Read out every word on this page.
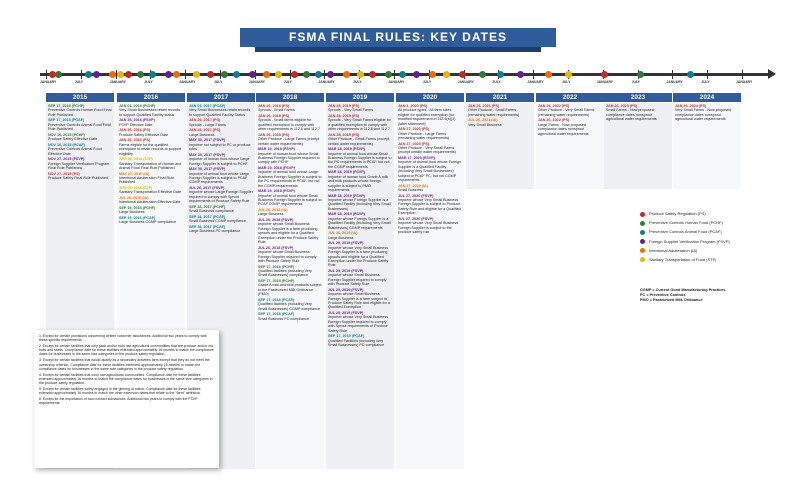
FSMA FINAL RULES: KEY DATES
JANUARY	JULY	JANUARY	JULY	JANUARY	JULY	JANUARY	JULY	JANUARY	JULY	JANUARY	JULY	JANUARY	JULY	JANUARY	JULY	JANUARY	JULY	JANUARY	JULY	JANUARY
2015
SEP 17, 2015 (PCHF)
Preventive Controls Human Food Final Rule Published
SEP 17, 2015 (PCAF)
Preventive Controls Animal Food Final Rule Published
NOV 16, 2015 (PCHF)
Produce Safety Effective Date
NOV 16, 2015 (PCAF)
Preventive Controls Animal Food Effective Date
NOV 27, 2015 (FSVP)
Foreign Supplier Verification Program Final Rule Published
NOV 27, 2015 (PS)
Produce Safety Final Rule Published
2016
JAN 01, 2016 (PCHF)
Very Small Businesses retain records to support Qualified Facility status
JAN 26, 2016 (FSVP)
FSVP Effective Date
JAN 26, 2016 (PS)
Produce Safety Effective Date
JAN 26, 2016 (PS)
Farms eligible for the qualified exemption to retain records to support eligibility
APR 06, 2016 (STF)
Sanitary Transportation of Human and Animal Food Final Rule Published
MAY 27, 2016 (IA)
Intentional Adulteration Final Rule Published
JUN 06, 2016 (STF)
Sanitary Transportation Effective Date
JUL 26, 2016 (IA)
Intentional Adulteration Effective Date
SEP 19, 2016 (PCHF)
Large Business
SEP 19, 2016 (PCAF)
Large Business CGMP compliance
2017
JAN 01, 2017 (PCAF)
Very Small Businesses retain records to support Qualified Facility Status
JAN 26, 2017 (PS)
Sprouts - Large Farms
JAN 26, 2017 (PS)
Large Business
MAY 30, 2017 (FSVP)
Importer not subject to PC or produce rules
MAY 30, 2017 (FSVP)
Importer of human food whose Large Foreign Supplier is subject to PCHF
MAY 30, 2017 (FSVP)
Importer of animal food whose Large Foreign Supplier is subject to PCAF CGMP requirements
JUL 26, 2017 (FSVP)
Importer whose Large Foreign Supplier required to comply with Sprout requirements of Produce Safety Rule
SEP 18, 2017 (PCHF)
Small Business compliance
SEP 18, 2017 (PCAF)
Small Business CGMP compliance
SEP 18, 2017 (PCAF)
Large Business PC compliance
2018
JAN 26, 2018 (PS)
Sprouts - Small Farms
JAN 26, 2018 (PS)
Sprouts - Small farms eligible for qualified exemption to comply with other requirements in 112.6 and 112.7
JAN 26, 2018 (PS)
Other Produce - Large Farms (except certain water requirements)
MAR 19, 2018 (FSVP)
Importer of human food whose Small Business Foreign Supplier required to comply with PCHF
MAR 19, 2018 (FSVP)
Importer of animal food whose Large Business Foreign Supplier is subject to the PC requirements in PCAF, but not the CGMP requirements
MAR 19, 2018 (FSVP)
Importer of animal food whose Small Business Foreign Supplier is subject to PCAF CGMP requirements
JUL 26, 2018 (IA)
Large Business
JUL 26, 2018 (FSVP)
Importer whose Small Business Foreign Supplier is a farm producing sprouts and eligible for a Qualified Exemption under the Produce Safety Rule
JUL 26, 2018 (FSVP)
Importer whose Small Business Foreign Supplier required to comply with Produce Safety Rule
SEP 17, 2018 (PCHF)
Qualified facilities (including Very Small Businesses) compliance
SEP 17, 2018 (PCHF)
Grade A milk and milk products subject to the Pasteurized Milk Ordinance (PMO)
SEP 17, 2018 (PCAF)
Qualified facilities (including Very Small Businesses) CGMP compliance
SEP 17, 2018 (PCAF)
Small Business PC compliance
2019
JAN 28, 2019 (PS)
Sprouts - Very Small Farms
JAN 28, 2019 (PS)
Sprouts - Very Small Farms eligible for a qualified exemption to comply with other requirements in 112.6 and 112.7
JAN 28, 2019 (PS)
Other Produce - Small Farms (except certain water requirements)
MAR 18, 2019 (FSVP)
Importer of animal food whose Small Business Foreign Supplier is subject to the PC requirements in PCAF, but not the CGMP requirements
MAR 18, 2019 (FSVP)
Importer of human food Grade A milk and milk products whose foreign supplier is subject to PMO requirements
MAR 18, 2019 (FSVP)
Importer whose Foreign Supplier is a Qualified Facility (including Very Small Businesses)
MAR 18, 2019 (FSVP)
Importer whose Foreign Supplier is a Qualified Facility (including Very Small Businesses) CGMP requirements
JUL 26, 2019 (IA)
Large Business
JUL 29, 2019 (FSVP)
Importer whose Very Small Business Foreign Supplier is a farm producing sprouts and eligible for a Qualified Exemption under the Produce Safety Rule
JUL 29, 2019 (FSVP)
Importer whose Small Business Foreign Supplier required to comply with Produce Safety Rule
JUL 29, 2019 (FSVP)
Importer whose Small Business Foreign Supplier is a farm subject to Produce Safety Rule and eligible for a Qualified Exemption
JUL 29, 2019 (FSVP)
Importer whose Very Small Business Foreign Supplier required to comply with Sprout requirements of Produce Safety Rule
SEP 17, 2019 (PCAF)
Qualified Facilities (including Very Small Businesses) PC compliance
2020
JAN 1, 2020 (PS)
All produce types - All farm sizes eligible for qualified exemption (for modified requirement in 112.6(b)(1) (label statement)
JAN 27, 2020 (PS)
Other Produce - Large Farms (remaining water requirements)
JAN 27, 2020 (PS)
Other Produce - Very Small Farms (except certain water requirements)
MAR 17, 2020 (FSVP)
Importer of animal food whose Foreign Supplier is a Qualified Facility (including Very Small Businesses) subject to PCAF PC, but not CGMP requirements
JAN 27, 2020 (IA)
Small Business
JUL 27, 2020 (FSVP)
Importer whose Very Small Business Foreign Supplier is subject to Produce Safety Rule and eligible for a Qualified Exemption
JUL 27, 2020 (FSVP)
Importer whose Very Small Business Foreign Supplier is subject to the produce safety rule
2021
JAN 26, 2021 (PS)
Other Produce - Small Farms (remaining water requirements)
JUL 26, 2021 (IA)
Very Small Business
2022
JAN 26, 2022 (PS)
Other Produce - Very Small Farms (remaining water requirements)
JAN 26, 2022 (PS)
Large Farms - Now proposed compliance dates nonsprout agricultural water requirements
2023
JAN 26, 2023 (PS)
Small Farms - Now proposed compliance dates nonsprout agricultural water requirements
2024
JAN 26, 2024 (PS)
Very Small Farms - Now proposed compliance dates nonsprout agricultural water requirements
1. Except for certain provisions concerning written customer assurances. Additional two years to comply with these specific requirements.
2. Except for certain facilities that only pack and/or hold raw agricultural commodities that are produce and/or nut hulls and shells. Compliance date for these facilities extended approximately 16 months to match the compliance dates for businesses in the same size categories in the produce safety regulation.
3. Except for certain facilities that would qualify as a secondary activities farm except that they do not meet the ownership criterion. Compliance date for these facilities extended approximately 16 months to match the compliance dates for businesses in the same size categories in the produce safety regulation.
4. Except for certain facilities that color raw agricultural commodities. Compliance date for these facilities extended approximately 16 months to match the compliance dates for businesses in the same size categories in the produce safety regulation.
5. Except for certain facilities solely engaged in the ginning of cotton. Compliance date for these facilities extended approximately 16 months to match the other extension dates that relate to the "farm" definition.
6. Except for the importation of food contact substances. Additional two years to comply with the FSVP requirements.
Produce Safety Regulation (PS)
Preventive Controls Human Food (PCHF)
Preventive Controls Animal Food (PCAF)
Foreign Supplier Verification Program (FSVP)
Intentional Adulteration (IA)
Sanitary Transportation of Food (STF)
CGMP = Current Good Manufacturing Practices
PC = Preventive Controls
PMO = Pasteurized Milk Ordinance
